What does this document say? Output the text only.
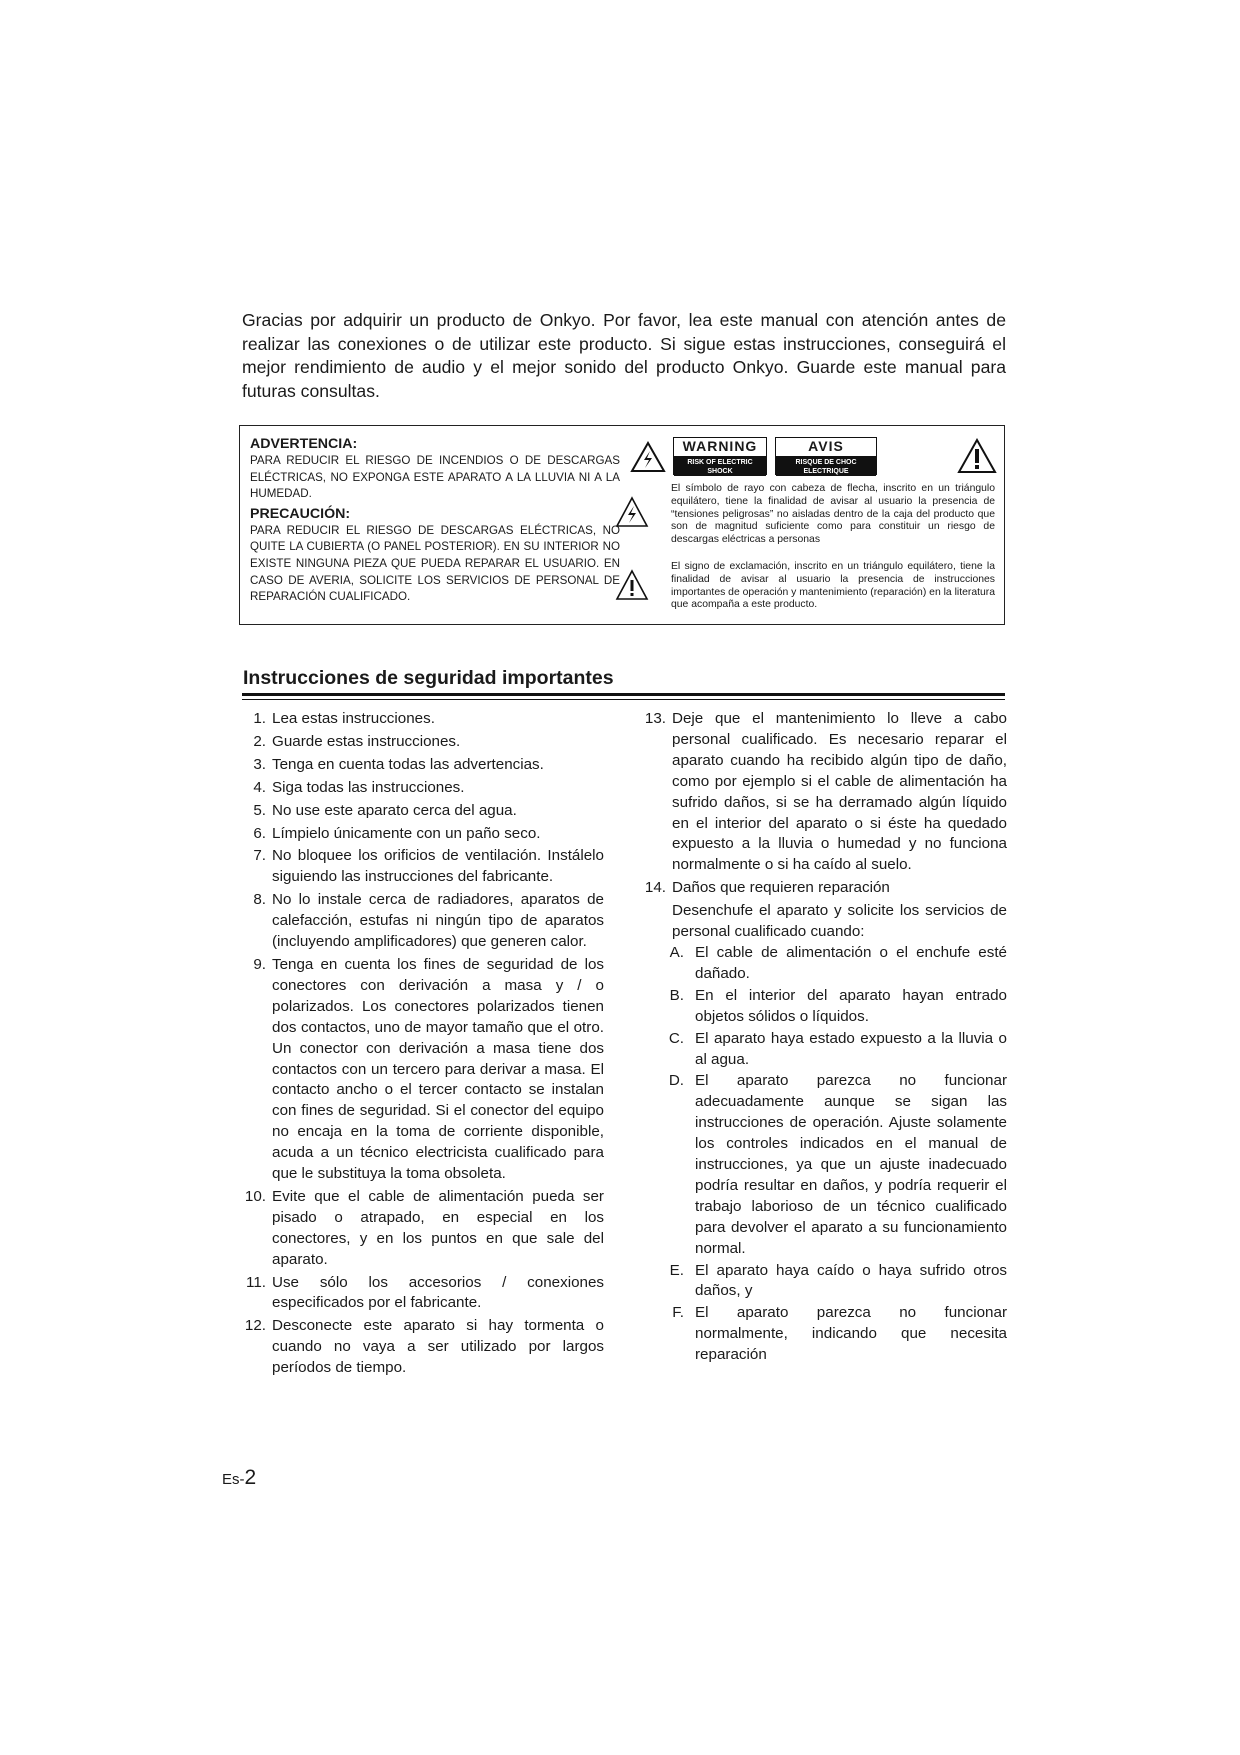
Gracias por adquirir un producto de Onkyo. Por favor, lea este manual con atención antes de realizar las conexiones o de utilizar este producto. Si sigue estas instrucciones, conseguirá el mejor rendimiento de audio y el mejor sonido del producto Onkyo. Guarde este manual para futuras consultas.

ADVERTENCIA:
PARA REDUCIR EL RIESGO DE INCENDIOS O DE DESCARGAS ELÉCTRICAS, NO EXPONGA ESTE APARATO A LA LLUVIA NI A LA HUMEDAD.
PRECAUCIÓN:
PARA REDUCIR EL RIESGO DE DESCARGAS ELÉCTRICAS, NO QUITE LA CUBIERTA (O PANEL POSTERIOR). EN SU INTERIOR NO EXISTE NINGUNA PIEZA QUE PUEDA REPARAR EL USUARIO. EN CASO DE AVERIA, SOLICITE LOS SERVICIOS DE PERSONAL DE REPARACIÓN CUALIFICADO.
WARNING
RISK OF ELECTRIC SHOCK
DO NOT OPEN
AVIS
RISQUE DE CHOC ELECTRIQUE
NE PAS OUVRIR
El símbolo de rayo con cabeza de flecha, inscrito en un triángulo equilátero, tiene la finalidad de avisar al usuario la presencia de “tensiones peligrosas” no aisladas dentro de la caja del producto que son de magnitud suficiente como para constituir un riesgo de descargas eléctricas a personas
El signo de exclamación, inscrito en un triángulo equilátero, tiene la finalidad de avisar al usuario la presencia de instrucciones importantes de operación y mantenimiento (reparación) en la literatura que acompaña a este producto.
Instrucciones de seguridad importantes
1. Lea estas instrucciones.
2. Guarde estas instrucciones.
3. Tenga en cuenta todas las advertencias.
4. Siga todas las instrucciones.
5. No use este aparato cerca del agua.
6. Límpielo únicamente con un paño seco.
7. No bloquee los orificios de ventilación. Instálelo siguiendo las instrucciones del fabricante.
8. No lo instale cerca de radiadores, aparatos de calefacción, estufas ni ningún tipo de aparatos (incluyendo amplificadores) que generen calor.
9. Tenga en cuenta los fines de seguridad de los conectores con derivación a masa y / o polarizados. Los conectores polarizados tienen dos contactos, uno de mayor tamaño que el otro. Un conector con derivación a masa tiene dos contactos con un tercero para derivar a masa. El contacto ancho o el tercer contacto se instalan con fines de seguridad. Si el conector del equipo no encaja en la toma de corriente disponible, acuda a un técnico electricista cualificado para que le substituya la toma obsoleta.
10. Evite que el cable de alimentación pueda ser pisado o atrapado, en especial en los conectores, y en los puntos en que sale del aparato.
11. Use sólo los accesorios / conexiones especificados por el fabricante.
12. Desconecte este aparato si hay tormenta o cuando no vaya a ser utilizado por largos períodos de tiempo.
13. Deje que el mantenimiento lo lleve a cabo personal cualificado. Es necesario reparar el aparato cuando ha recibido algún tipo de daño, como por ejemplo si el cable de alimentación ha sufrido daños, si se ha derramado algún líquido en el interior del aparato o si éste ha quedado expuesto a la lluvia o humedad y no funciona normalmente o si ha caído al suelo.
14. Daños que requieren reparación
Desenchufe el aparato y solicite los servicios de personal cualificado cuando:
A. El cable de alimentación o el enchufe esté dañado.
B. En el interior del aparato hayan entrado objetos sólidos o líquidos.
C. El aparato haya estado expuesto a la lluvia o al agua.
D. El aparato parezca no funcionar adecuadamente aunque se sigan las instrucciones de operación. Ajuste solamente los controles indicados en el manual de instrucciones, ya que un ajuste inadecuado podría resultar en daños, y podría requerir el trabajo laborioso de un técnico cualificado para devolver el aparato a su funcionamiento normal.
E. El aparato haya caído o haya sufrido otros daños, y
F. El aparato parezca no funcionar normalmente, indicando que necesita reparación
Es-2
